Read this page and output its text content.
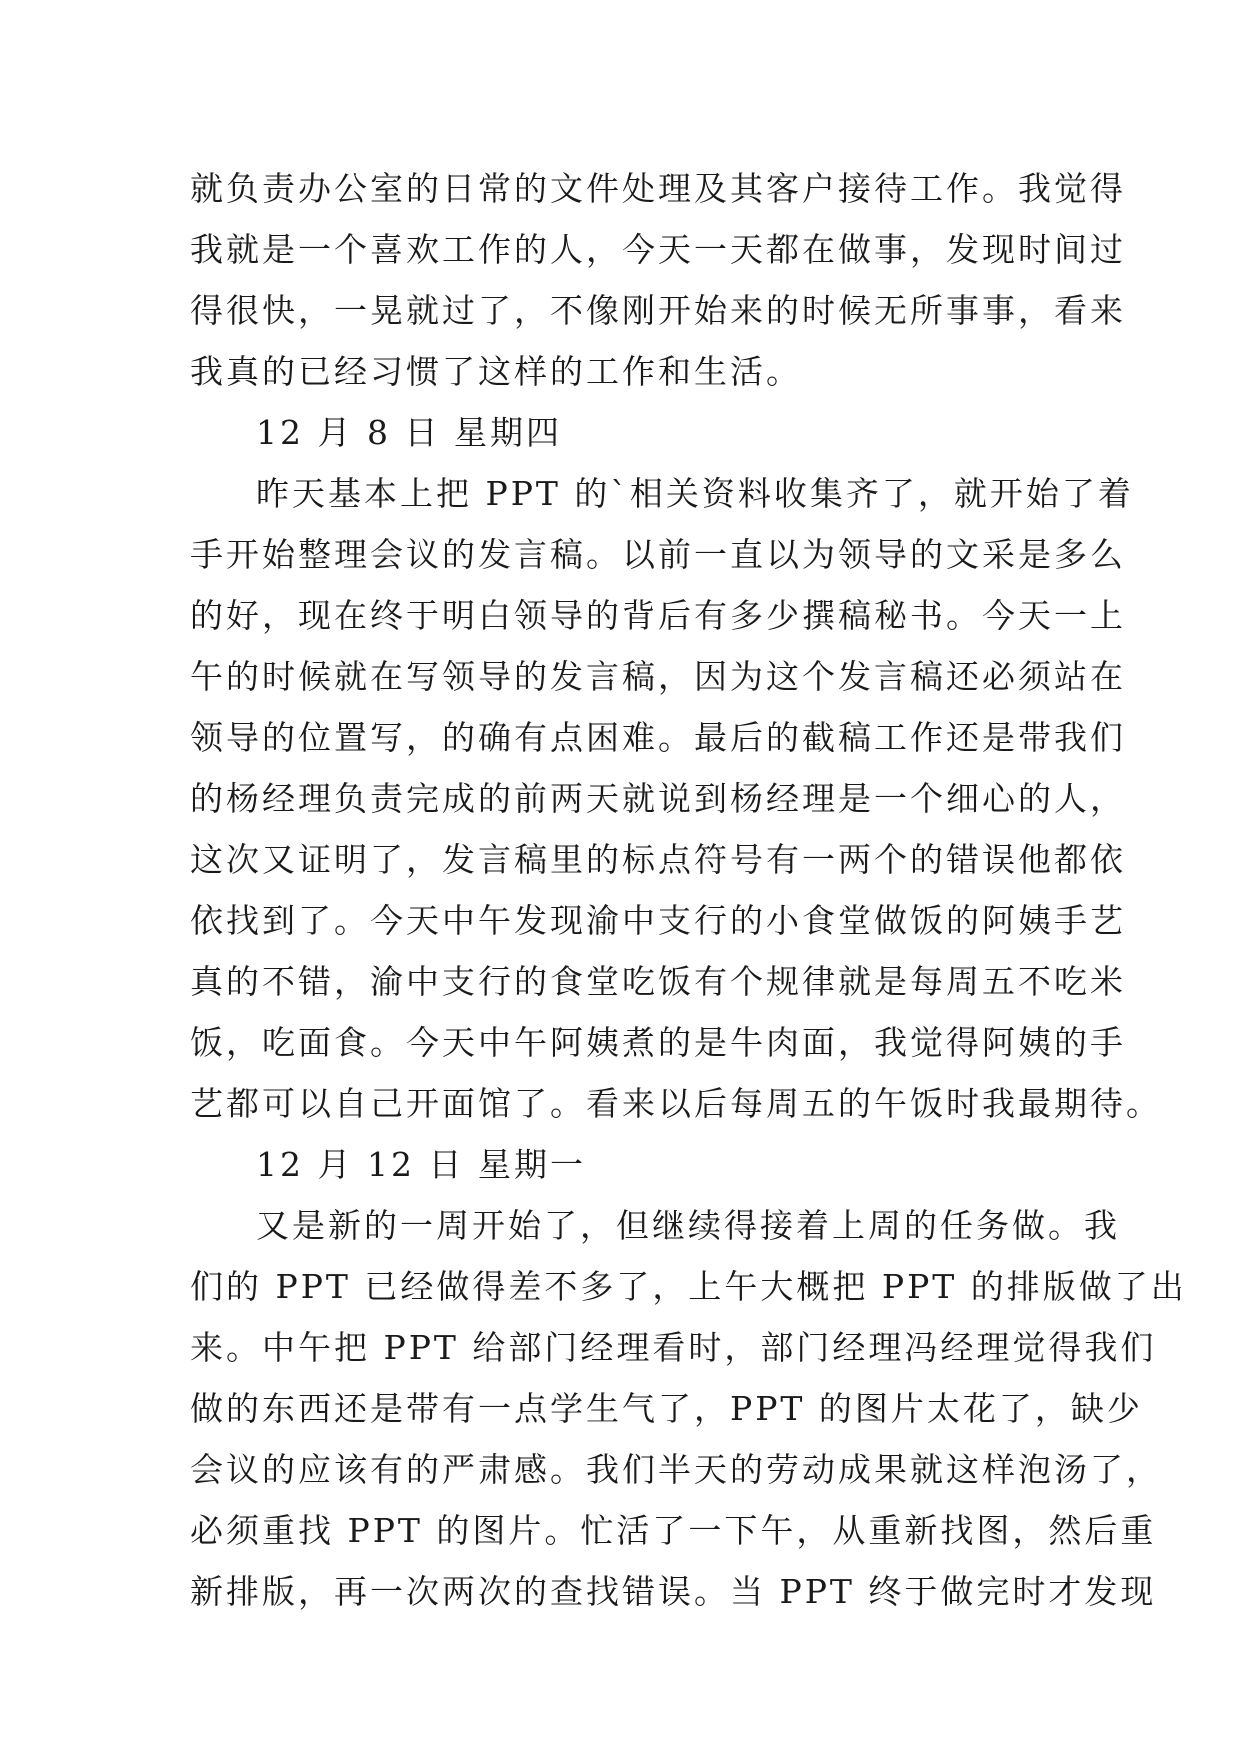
就负责办公室的日常的文件处理及其客户接待工作。我觉得
我就是一个喜欢工作的人，今天一天都在做事，发现时间过
得很快，一晃就过了，不像刚开始来的时候无所事事，看来
我真的已经习惯了这样的工作和生活。
12 月 8 日 星期四
昨天基本上把 PPT 的`相关资料收集齐了，就开始了着
手开始整理会议的发言稿。以前一直以为领导的文采是多么
的好，现在终于明白领导的背后有多少撰稿秘书。今天一上
午的时候就在写领导的发言稿，因为这个发言稿还必须站在
领导的位置写，的确有点困难。最后的截稿工作还是带我们
的杨经理负责完成的前两天就说到杨经理是一个细心的人，
这次又证明了，发言稿里的标点符号有一两个的错误他都依
依找到了。今天中午发现渝中支行的小食堂做饭的阿姨手艺
真的不错，渝中支行的食堂吃饭有个规律就是每周五不吃米
饭，吃面食。今天中午阿姨煮的是牛肉面，我觉得阿姨的手
艺都可以自己开面馆了。看来以后每周五的午饭时我最期待。
12 月 12 日 星期一
又是新的一周开始了，但继续得接着上周的任务做。我
们的 PPT 已经做得差不多了，上午大概把 PPT 的排版做了出
来。中午把 PPT 给部门经理看时，部门经理冯经理觉得我们
做的东西还是带有一点学生气了，PPT 的图片太花了，缺少
会议的应该有的严肃感。我们半天的劳动成果就这样泡汤了，
必须重找 PPT 的图片。忙活了一下午，从重新找图，然后重
新排版，再一次两次的查找错误。当 PPT 终于做完时才发现
